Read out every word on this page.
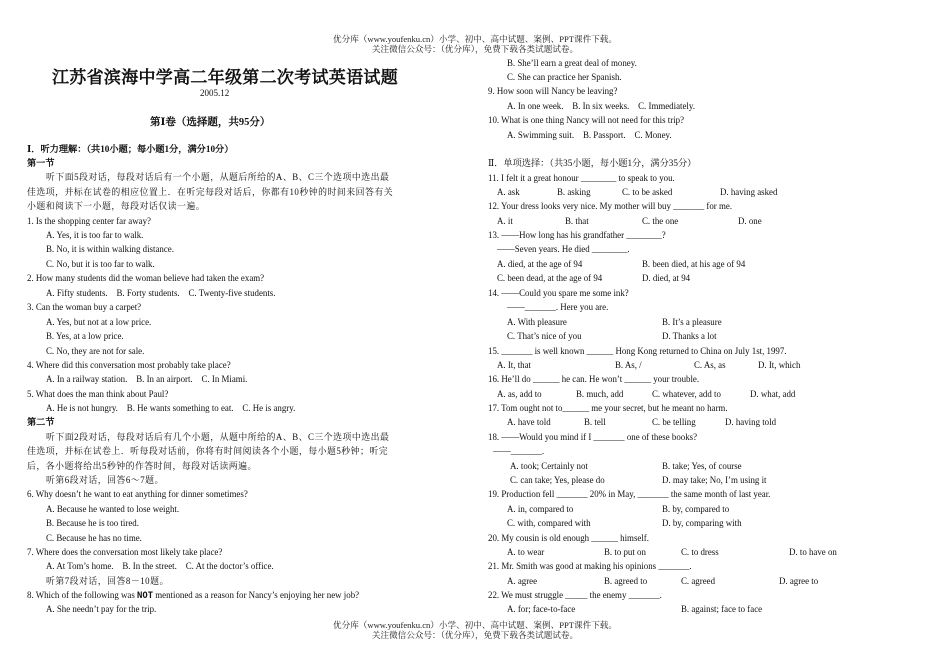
优分库（www.youfenku.cn）小学、初中、高中试题、案例、PPT课件下载。
关注微信公众号：（优分库），免费下载各类试题试卷。
江苏省滨海中学高二年级第二次考试英语试题
2005.12
第Ⅰ卷（选择题，共95分）
Ⅰ．听力理解：（共10小题；每小题1分，满分10分）
第一节
听下面5段对话，每段对话后有一个小题，从题后所给的A、B、C三个选项中选出最
佳选项，并标在试卷的相应位置上．在听完每段对话后，你都有10秒钟的时间来回答有关
小题和阅读下一小题，每段对话仅读一遍。
1. Is the shopping center far away?
A. Yes, it is too far to walk.
B. No, it is within walking distance.
C. No, but it is too far to walk.
2. How many students did the woman believe had taken the exam?
A. Fifty students.    B. Forty students.    C. Twenty-five students.
3. Can the woman buy a carpet?
A. Yes, but not at a low price.
B. Yes, at a low price.
C. No, they are not for sale.
4. Where did this conversation most probably take place?
A. In a railway station.    B. In an airport.    C. In Miami.
5. What does the man think about Paul?
A. He is not hungry.    B. He wants something to eat.    C. He is angry.
第二节
听下面2段对话，每段对话后有几个小题，从题中所给的A、B、C三个选项中选出最
佳选项，并标在试卷上．听每段对话前，你将有时间阅读各个小题，每小题5秒钟；听完
后，各小题将给出5秒钟的作答时间，每段对话读两遍。
听第6段对话，回答6～7题。
6. Why doesn’t he want to eat anything for dinner sometimes?
A. Because he wanted to lose weight.
B. Because he is too tired.
C. Because he has no time.
7. Where does the conversation most likely take place?
A. At Tom’s home.    B. In the street.    C. At the doctor’s office.
听第7段对话，回答8－10题。
8. Which of the following was NOT mentioned as a reason for Nancy’s enjoying her new job?
A. She needn’t pay for the trip.
B. She’ll earn a great deal of money.
C. She can practice her Spanish.
9. How soon will Nancy be leaving?
A. In one week.    B. In six weeks.    C. Immediately.
10. What is one thing Nancy will not need for this trip?
A. Swimming suit.    B. Passport.    C. Money.
Ⅱ．单项选择：（共35小题，每小题1分，满分35分）
11. I felt it a great honour ________ to speak to you.
A. ask	B. asking	C. to be asked	D. having asked
12. Your dress looks very nice. My mother will buy _______ for me.
A. it	B. that	C. the one	D. one
13. ——How long has his grandfather ________?
——Seven years. He died ________.
A. died, at the age of 94	B. been died, at his age of 94
C. been dead, at the age of 94	D. died, at 94
14. ——Could you spare me some ink?
——_______. Here you are.
A. With pleasure	B. It’s a pleasure
C. That’s nice of you	D. Thanks a lot
15. _______ is well known ______ Hong Kong returned to China on July 1st, 1997.
A. It, that	B. As, /	C. As, as	D. It, which
16. He’ll do ______ he can. He won’t ______ your trouble.
A. as, add to	B. much, add	C. whatever, add to	D. what, add
17. Tom ought not to______ me your secret, but he meant no harm.
A. have told	B. tell	C. be telling	D. having told
18. ——Would you mind if I _______ one of these books?
——_______.
A. took; Certainly not	B. take; Yes, of course
C. can take; Yes, please do	D. may take; No, I’m using it
19. Production fell _______ 20% in May, _______ the same month of last year.
A. in, compared to	B. by, compared to
C. with, compared with	D. by, comparing with
20. My cousin is old enough ______ himself.
A. to wear	B. to put on	C. to dress	D. to have on
21. Mr. Smith was good at making his opinions _______.
A. agree	B. agreed to	C. agreed	D. agree to
22. We must struggle _____ the enemy _______.
A. for; face-to-face	B. against; face to face
优分库（www.youfenku.cn）小学、初中、高中试题、案例、PPT课件下载。
关注微信公众号：（优分库），免费下载各类试题试卷。
